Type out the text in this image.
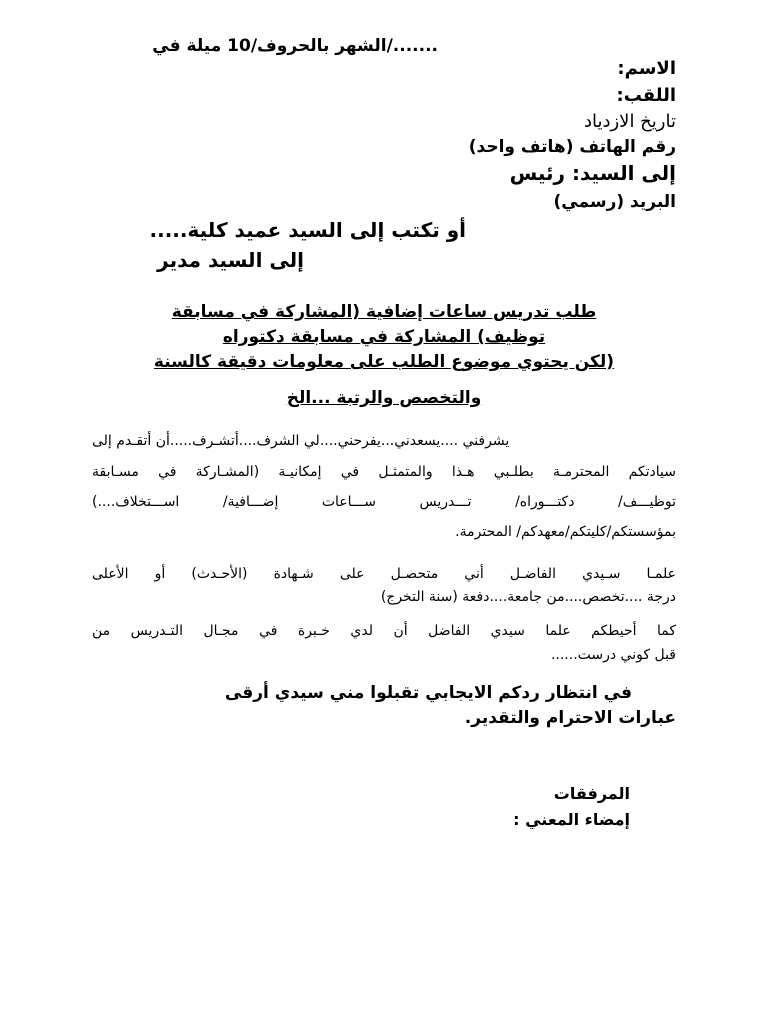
......./الشهر بالحروف/10 ميلة في
الاسم:
اللقب:
تاريخ الازدياد
رقم الهاتف (هاتف واحد)
إلى السيد: رئيس
البريد (رسمي)
أو تكتب إلى السيد عميد كلية.....
إلى السيد مدير
طلب تدريس ساعات إضافية (المشاركة في مسابقة
توظيف) المشاركة في مسابقة دكتوراه
(لكن يحتوي موضوع الطلب على معلومات دقيقة كالسنة
والتخصص والرتبة ...الخ
يشرفني ....يسعدني...يفرحني....لي الشرف....أتشـرف.....أن أتقـدم إلى
سيادتكم المحترمـة بطلـبي هـذا والمتمثـل في إمكانيـة (المشـاركة في مسـابقة
توظيـــف/ دكتـــوراه/ تـــدريس ســـاعات إضـــافية/ اســـتخلاف....)
بمؤسستكم/كليتكم/معهدكم/ المحترمة.
علمـا سـيدي الفاضـل أني متحصـل على شـهادة (الأحـدث) أو الأعلى
درجة ....تخصص....من جامعة....دفعة (سنة التخرج)
كما أحيطكم علما سيدي الفاضل أن لدي خـبرة في مجـال التـدريس من
قبل كوني درست......
في انتظار ردكم الايجابي تقبلوا مني سيدي أرقى
عبارات الاحترام والتقدير.
المرفقات
إمضاء المعني :
